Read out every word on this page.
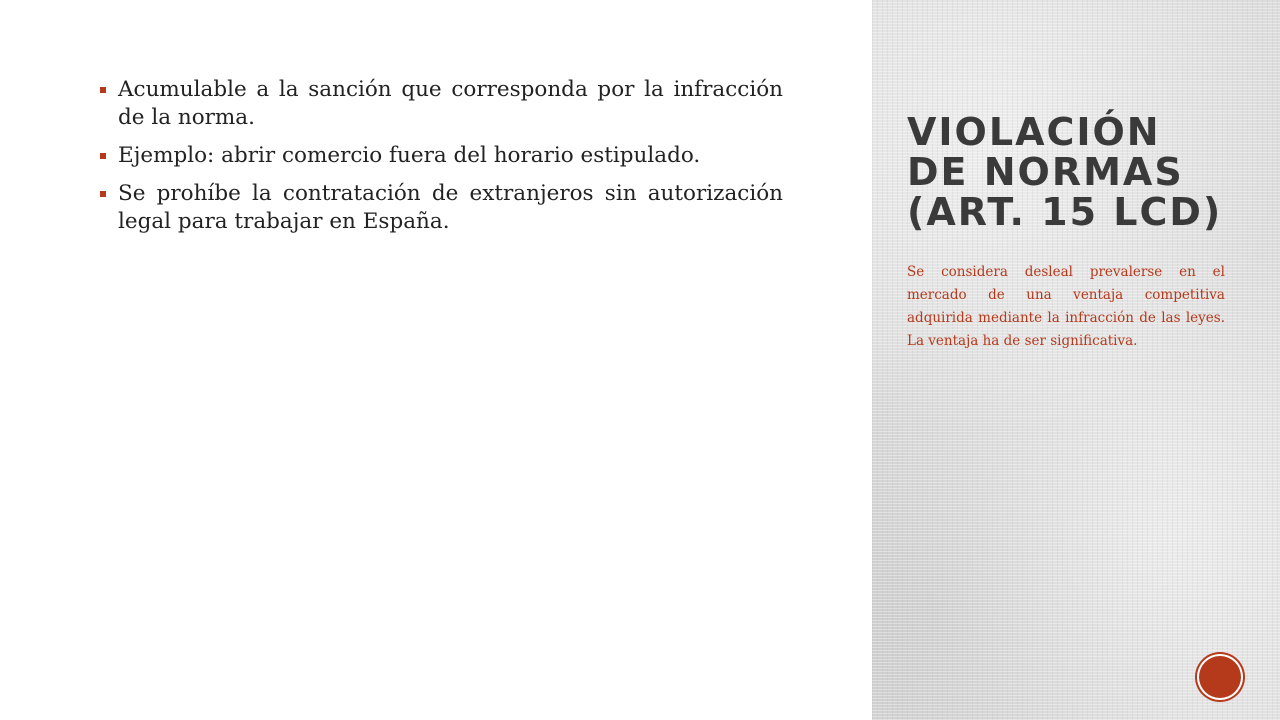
Acumulable a la sanción que corresponda por la infracción de la norma.
Ejemplo: abrir comercio fuera del horario estipulado.
Se prohíbe la contratación de extranjeros sin autorización legal para trabajar en España.
VIOLACIÓN DE NORMAS
(ART. 15 LCD)

Se considera desleal prevalerse en el mercado de una ventaja competitiva adquirida mediante la infracción de las leyes. La ventaja ha de ser significativa.
